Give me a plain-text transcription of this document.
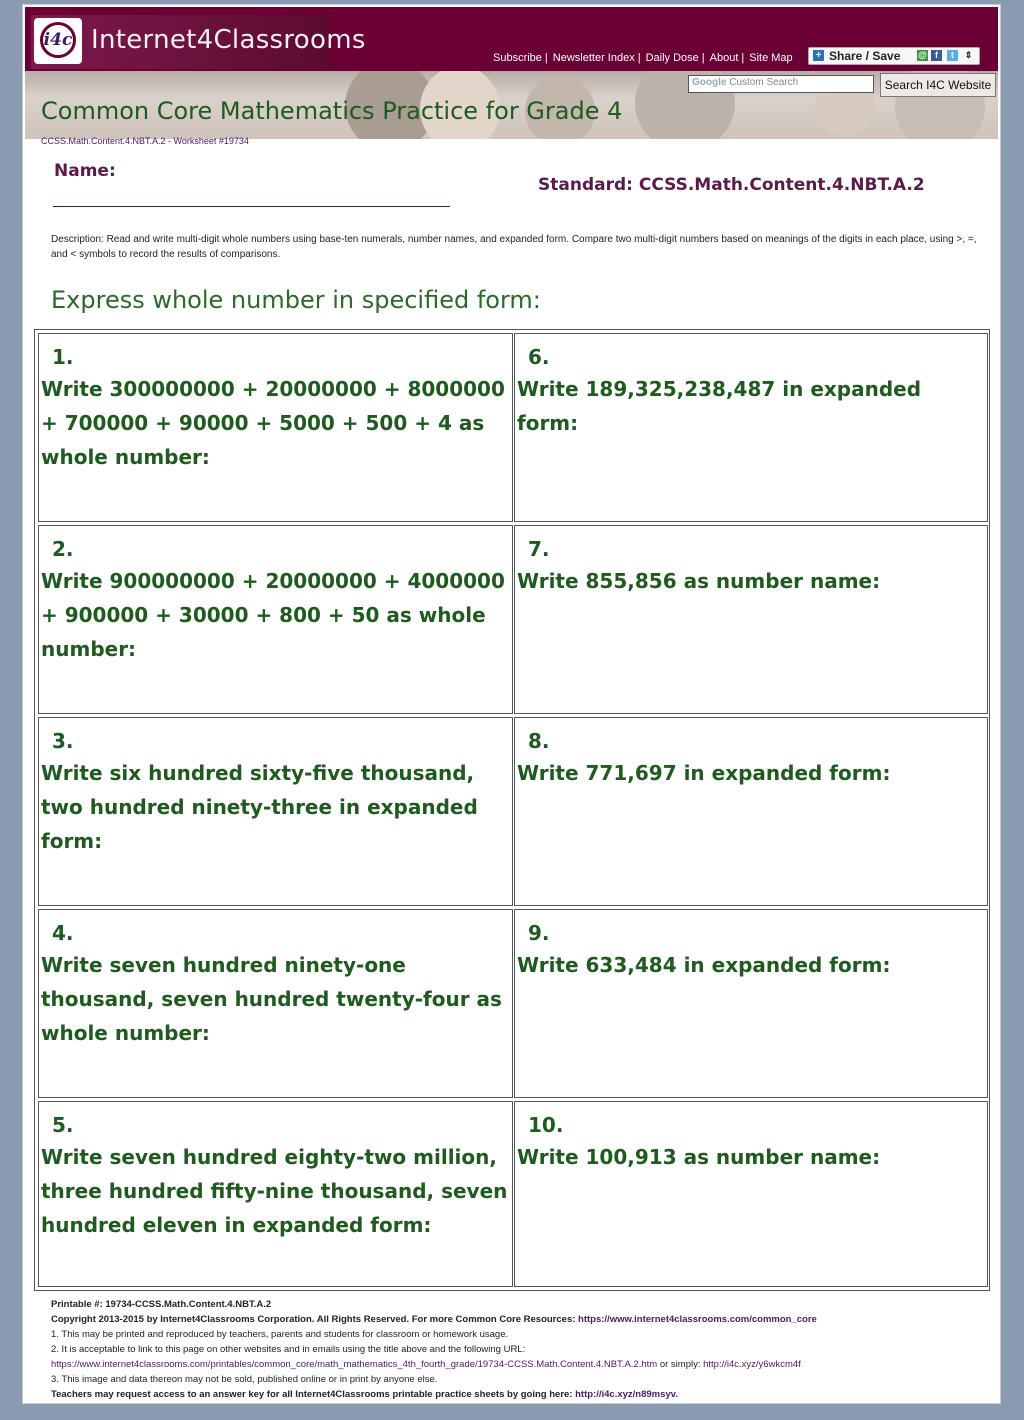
i4c Internet4Classrooms
Subscribe | Newsletter Index | Daily Dose | About | Site Map + Share / Save @ f	t	⇕
Google Custom Search	Search I4C Website
Common Core Mathematics Practice for Grade 4
CCSS.Math.Content.4.NBT.A.2 - Worksheet #19734
Name:
Standard: CCSS.Math.Content.4.NBT.A.2
Description: Read and write multi-digit whole numbers using base-ten numerals, number names, and expanded form. Compare two multi-digit numbers based on meanings of the digits in each place, using >, =, and < symbols to record the results of comparisons.
Express whole number in specified form:
1.
Write 300000000 + 20000000 + 8000000 + 700000 + 90000 + 5000 + 500 + 4 as whole number:
2.
Write 900000000 + 20000000 + 4000000 + 900000 + 30000 + 800 + 50 as whole number:
3.
Write six hundred sixty-five thousand, two hundred ninety-three in expanded form:
4.
Write seven hundred ninety-one thousand, seven hundred twenty-four as whole number:
5.
Write seven hundred eighty-two million, three hundred fifty-nine thousand, seven hundred eleven in expanded form:
6.
Write 189,325,238,487 in expanded form:
7.
Write 855,856 as number name:
8.
Write 771,697 in expanded form:
9.
Write 633,484 in expanded form:
10.
Write 100,913 as number name:
Printable #: 19734-CCSS.Math.Content.4.NBT.A.2
Copyright 2013-2015 by Internet4Classrooms Corporation. All Rights Reserved. For more Common Core Resources: https://www.internet4classrooms.com/common_core
1. This may be printed and reproduced by teachers, parents and students for classroom or homework usage.
2. It is acceptable to link to this page on other websites and in emails using the title above and the following URL:
https://www.internet4classrooms.com/printables/common_core/math_mathematics_4th_fourth_grade/19734-CCSS.Math.Content.4.NBT.A.2.htm or simply: http://i4c.xyz/y6wkcm4f
3. This image and data thereon may not be sold, published online or in print by anyone else.
Teachers may request access to an answer key for all Internet4Classrooms printable practice sheets by going here: http://i4c.xyz/n89msyv.
